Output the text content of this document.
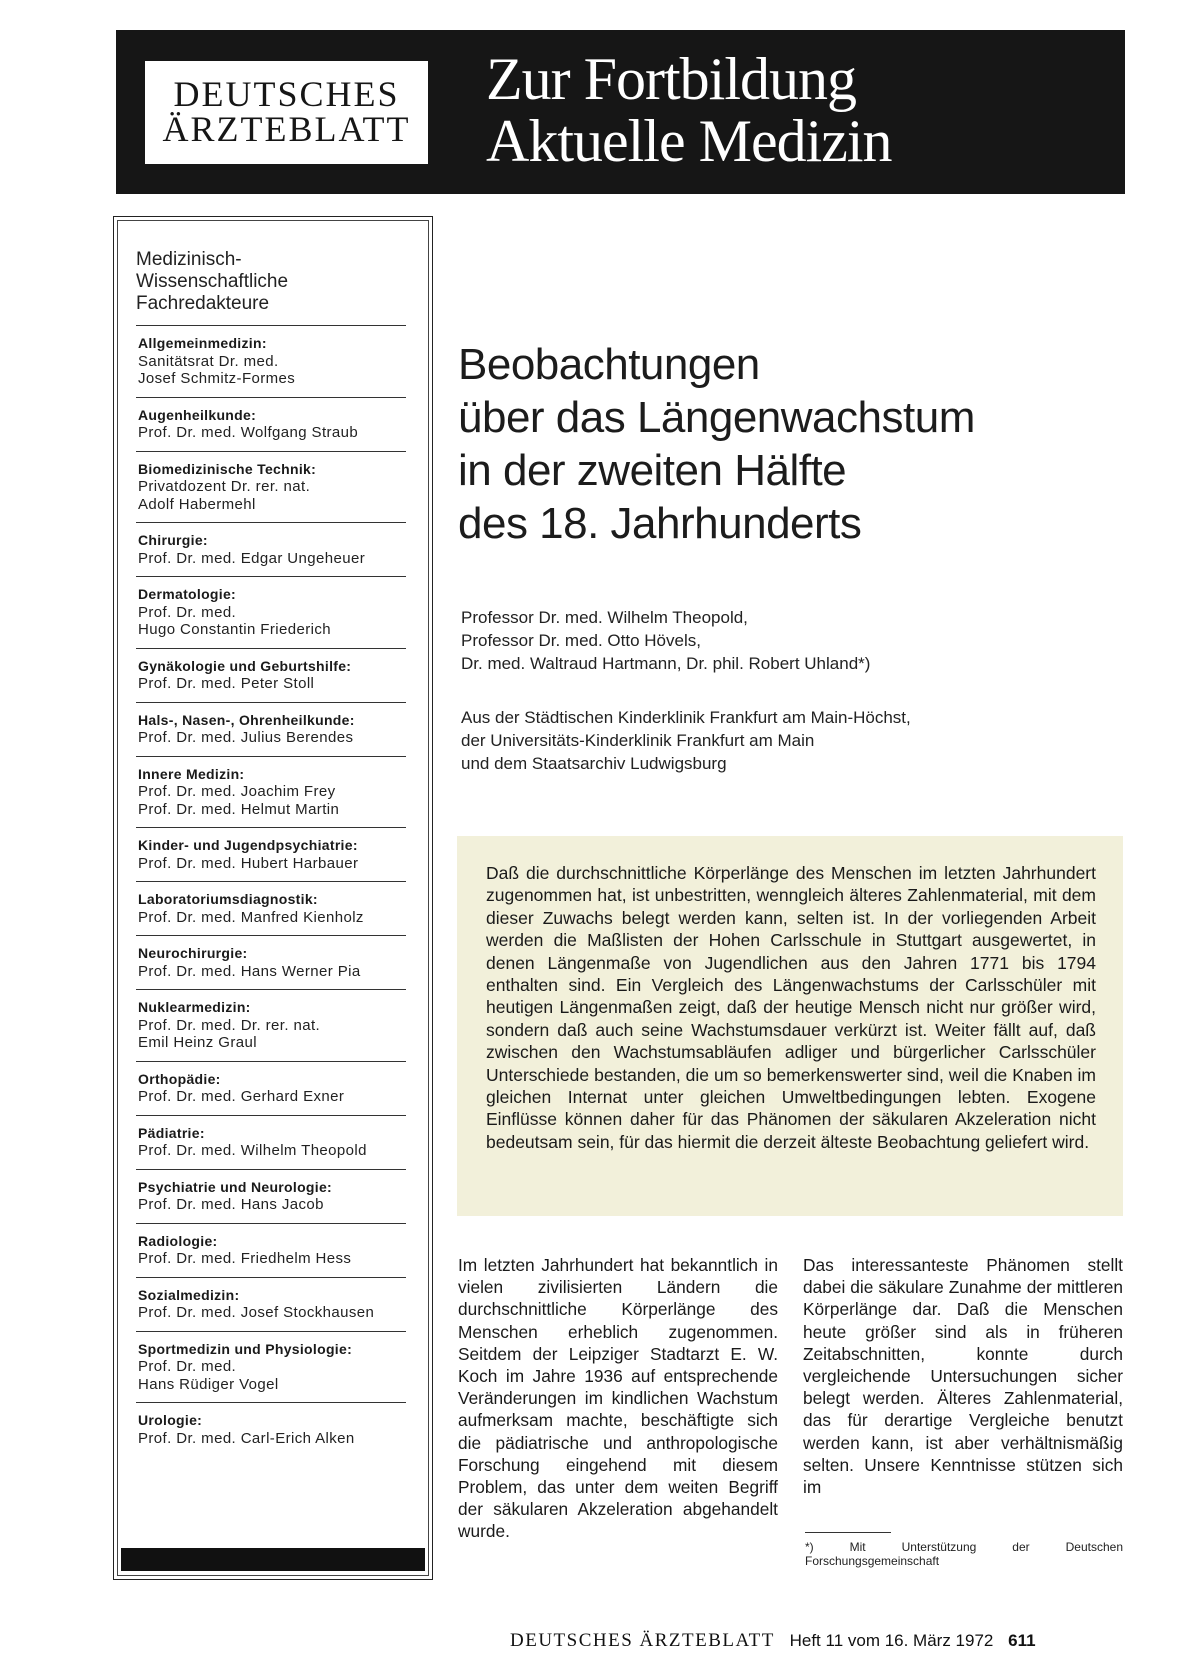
DEUTSCHES
ÄRZTEBLATT
Zur Fortbildung
Aktuelle Medizin
Medizinisch-
Wissenschaftliche
Fachredakteure
Allgemeinmedizin:
Sanitätsrat Dr. med.
Josef Schmitz-Formes
Augenheilkunde:
Prof. Dr. med. Wolfgang Straub
Biomedizinische Technik:
Privatdozent Dr. rer. nat.
Adolf Habermehl
Chirurgie:
Prof. Dr. med. Edgar Ungeheuer
Dermatologie:
Prof. Dr. med.
Hugo Constantin Friederich
Gynäkologie und Geburtshilfe:
Prof. Dr. med. Peter Stoll
Hals-, Nasen-, Ohrenheilkunde:
Prof. Dr. med. Julius Berendes
Innere Medizin:
Prof. Dr. med. Joachim Frey
Prof. Dr. med. Helmut Martin
Kinder- und Jugendpsychiatrie:
Prof. Dr. med. Hubert Harbauer
Laboratoriumsdiagnostik:
Prof. Dr. med. Manfred Kienholz
Neurochirurgie:
Prof. Dr. med. Hans Werner Pia
Nuklearmedizin:
Prof. Dr. med. Dr. rer. nat.
Emil Heinz Graul
Orthopädie:
Prof. Dr. med. Gerhard Exner
Pädiatrie:
Prof. Dr. med. Wilhelm Theopold
Psychiatrie und Neurologie:
Prof. Dr. med. Hans Jacob
Radiologie:
Prof. Dr. med. Friedhelm Hess
Sozialmedizin:
Prof. Dr. med. Josef Stockhausen
Sportmedizin und Physiologie:
Prof. Dr. med.
Hans Rüdiger Vogel
Urologie:
Prof. Dr. med. Carl-Erich Alken
Beobachtungen
über das Längenwachstum
in der zweiten Hälfte
des 18. Jahrhunderts
Professor Dr. med. Wilhelm Theopold,
Professor Dr. med. Otto Hövels,
Dr. med. Waltraud Hartmann, Dr. phil. Robert Uhland*)
Aus der Städtischen Kinderklinik Frankfurt am Main-Höchst,
der Universitäts-Kinderklinik Frankfurt am Main
und dem Staatsarchiv Ludwigsburg
Daß die durchschnittliche Körperlänge des Menschen im letzten Jahrhundert zugenommen hat, ist unbestritten, wenngleich älteres Zahlenmaterial, mit dem dieser Zuwachs belegt werden kann, selten ist. In der vorliegenden Arbeit werden die Maßlisten der Hohen Carlsschule in Stuttgart ausgewertet, in denen Längenmaße von Jugendlichen aus den Jahren 1771 bis 1794 enthalten sind. Ein Vergleich des Längenwachstums der Carlsschüler mit heutigen Längenmaßen zeigt, daß der heutige Mensch nicht nur größer wird, sondern daß auch seine Wachstumsdauer verkürzt ist. Weiter fällt auf, daß zwischen den Wachstumsabläufen adliger und bürgerlicher Carlsschüler Unterschiede bestanden, die um so bemerkenswerter sind, weil die Knaben im gleichen Internat unter gleichen Umweltbedingungen lebten. Exogene Einflüsse können daher für das Phänomen der säkularen Akzeleration nicht bedeutsam sein, für das hiermit die derzeit älteste Beobachtung geliefert wird.
Im letzten Jahrhundert hat bekanntlich in vielen zivilisierten Ländern die durchschnittliche Körperlänge des Menschen erheblich zugenommen. Seitdem der Leipziger Stadtarzt E. W. Koch im Jahre 1936 auf entsprechende Veränderungen im kindlichen Wachstum aufmerksam machte, beschäftigte sich die pädiatrische und anthropologische Forschung eingehend mit diesem Problem, das unter dem weiten Begriff der säkularen Akzeleration abgehandelt wurde.
Das interessanteste Phänomen stellt dabei die säkulare Zunahme der mittleren Körperlänge dar. Daß die Menschen heute größer sind als in früheren Zeitabschnitten, konnte durch vergleichende Untersuchungen sicher belegt werden. Älteres Zahlenmaterial, das für derartige Vergleiche benutzt werden kann, ist aber verhältnismäßig selten. Unsere Kenntnisse stützen sich im
*) Mit Unterstützung der Deutschen Forschungsgemeinschaft
DEUTSCHES ÄRZTEBLATT Heft 11 vom 16. März 1972 611
